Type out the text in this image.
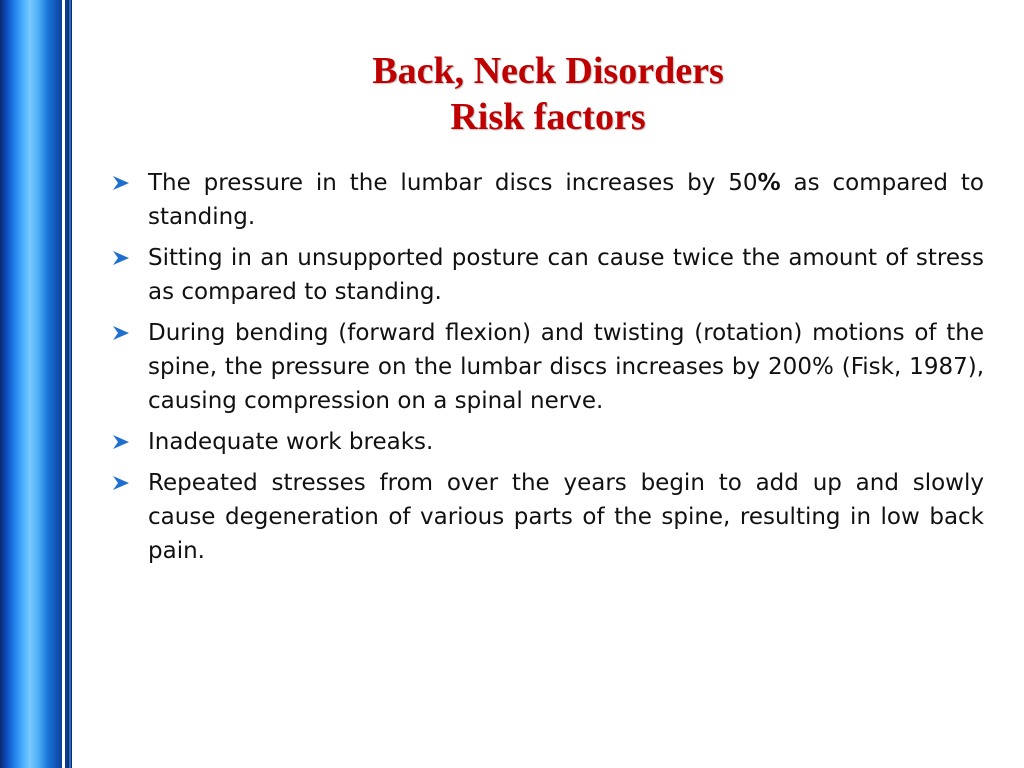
Back, Neck Disorders
Risk factors
The pressure in the lumbar discs increases by 50% as compared to standing.
Sitting in an unsupported posture can cause twice the amount of stress as compared to standing.
During bending (forward flexion) and twisting (rotation) motions of the spine, the pressure on the lumbar discs increases by 200% (Fisk, 1987), causing compression on a spinal nerve.
Inadequate work breaks.
Repeated stresses from over the years begin to add up and slowly cause degeneration of various parts of the spine, resulting in low back pain.
